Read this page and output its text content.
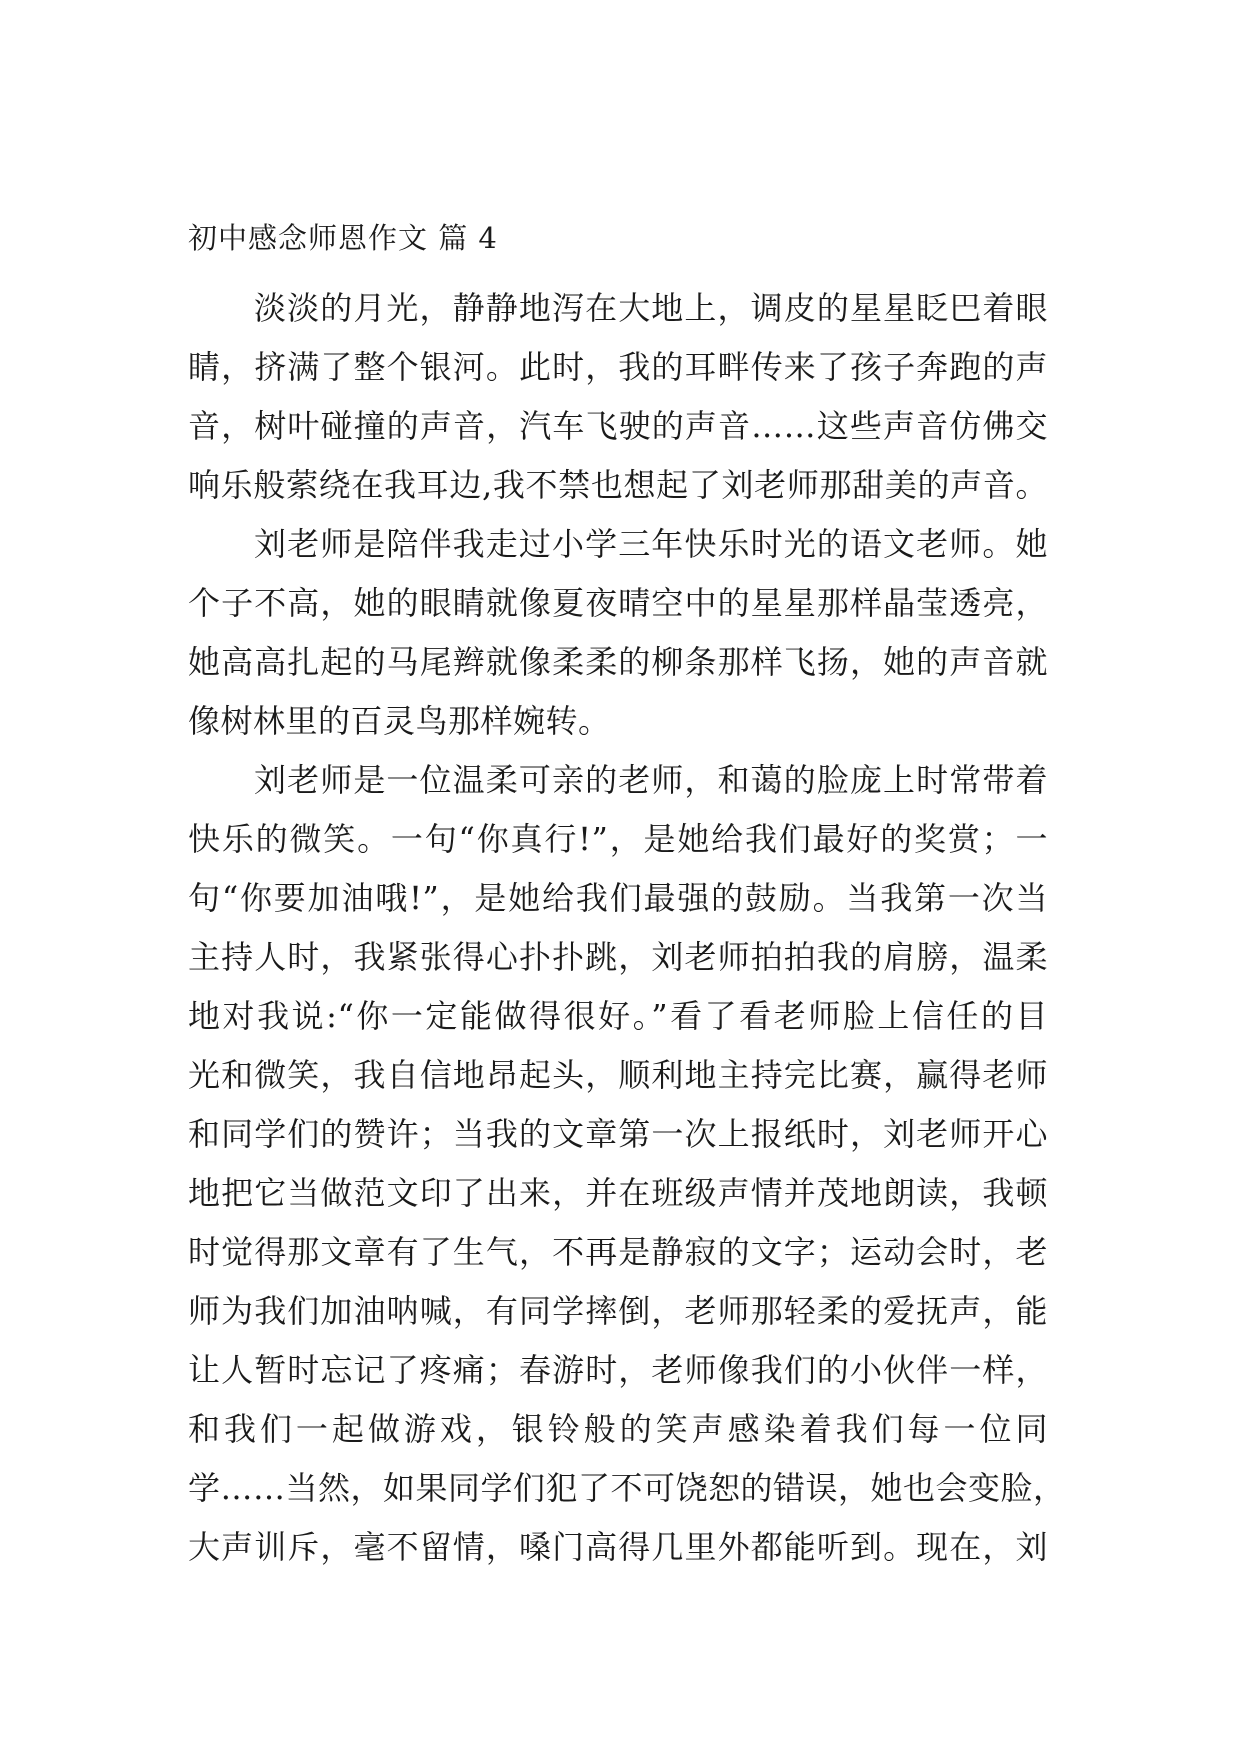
初中感念师恩作文 篇 4
淡淡的月光，静静地泻在大地上，调皮的星星眨巴着眼
睛，挤满了整个银河。此时，我的耳畔传来了孩子奔跑的声
音，树叶碰撞的声音，汽车飞驶的声音……这些声音仿佛交
响乐般萦绕在我耳边,我不禁也想起了刘老师那甜美的声音。
刘老师是陪伴我走过小学三年快乐时光的语文老师。她
个子不高，她的眼睛就像夏夜晴空中的星星那样晶莹透亮，
她高高扎起的马尾辫就像柔柔的柳条那样飞扬，她的声音就
像树林里的百灵鸟那样婉转。
刘老师是一位温柔可亲的老师，和蔼的脸庞上时常带着
快乐的微笑。一句“你真行!”，是她给我们最好的奖赏；一
句“你要加油哦!”，是她给我们最强的鼓励。当我第一次当
主持人时，我紧张得心扑扑跳，刘老师拍拍我的肩膀，温柔
地对我说:“你一定能做得很好。”看了看老师脸上信任的目
光和微笑，我自信地昂起头，顺利地主持完比赛，赢得老师
和同学们的赞许；当我的文章第一次上报纸时，刘老师开心
地把它当做范文印了出来，并在班级声情并茂地朗读，我顿
时觉得那文章有了生气，不再是静寂的文字；运动会时，老
师为我们加油呐喊，有同学摔倒，老师那轻柔的爱抚声，能
让人暂时忘记了疼痛；春游时，老师像我们的小伙伴一样，
和我们一起做游戏，银铃般的笑声感染着我们每一位同
学……当然，如果同学们犯了不可饶恕的错误，她也会变脸，
大声训斥，毫不留情，嗓门高得几里外都能听到。现在，刘
